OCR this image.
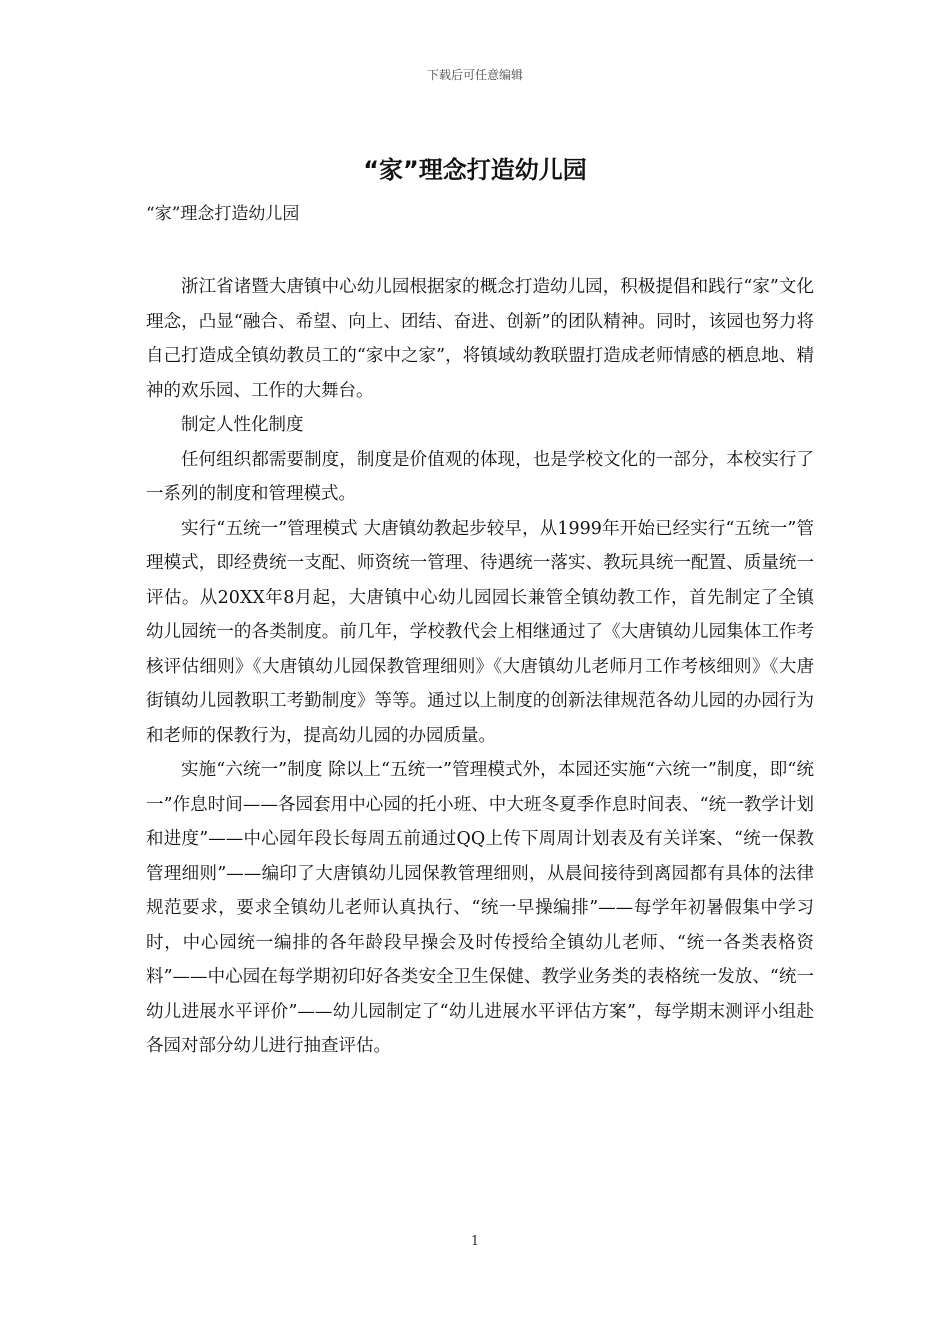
下载后可任意编辑
“家”理念打造幼儿园
“家”理念打造幼儿园

浙江省诸暨大唐镇中心幼儿园根据家的概念打造幼儿园，积极提倡和践行“家”文化理念，凸显“融合、希望、向上、团结、奋进、创新”的团队精神。同时，该园也努力将自己打造成全镇幼教员工的“家中之家”，将镇域幼教联盟打造成老师情感的栖息地、精神的欢乐园、工作的大舞台。

制定人性化制度

任何组织都需要制度，制度是价值观的体现，也是学校文化的一部分，本校实行了一系列的制度和管理模式。

实行“五统一”管理模式 大唐镇幼教起步较早，从1999年开始已经实行“五统一”管理模式，即经费统一支配、师资统一管理、待遇统一落实、教玩具统一配置、质量统一评估。从20XX年8月起，大唐镇中心幼儿园园长兼管全镇幼教工作，首先制定了全镇幼儿园统一的各类制度。前几年，学校教代会上相继通过了《大唐镇幼儿园集体工作考核评估细则》《大唐镇幼儿园保教管理细则》《大唐镇幼儿老师月工作考核细则》《大唐街镇幼儿园教职工考勤制度》等等。通过以上制度的创新法律规范各幼儿园的办园行为和老师的保教行为，提高幼儿园的办园质量。

实施“六统一”制度 除以上“五统一”管理模式外，本园还实施“六统一”制度，即“统一”作息时间——各园套用中心园的托小班、中大班冬夏季作息时间表、“统一教学计划和进度”——中心园年段长每周五前通过QQ上传下周周计划表及有关详案、“统一保教管理细则”——编印了大唐镇幼儿园保教管理细则，从晨间接待到离园都有具体的法律规范要求，要求全镇幼儿老师认真执行、“统一早操编排”——每学年初暑假集中学习时，中心园统一编排的各年龄段早操会及时传授给全镇幼儿老师、“统一各类表格资料”——中心园在每学期初印好各类安全卫生保健、教学业务类的表格统一发放、“统一幼儿进展水平评价”——幼儿园制定了“幼儿进展水平评估方案”，每学期末测评小组赴各园对部分幼儿进行抽查评估。

1
